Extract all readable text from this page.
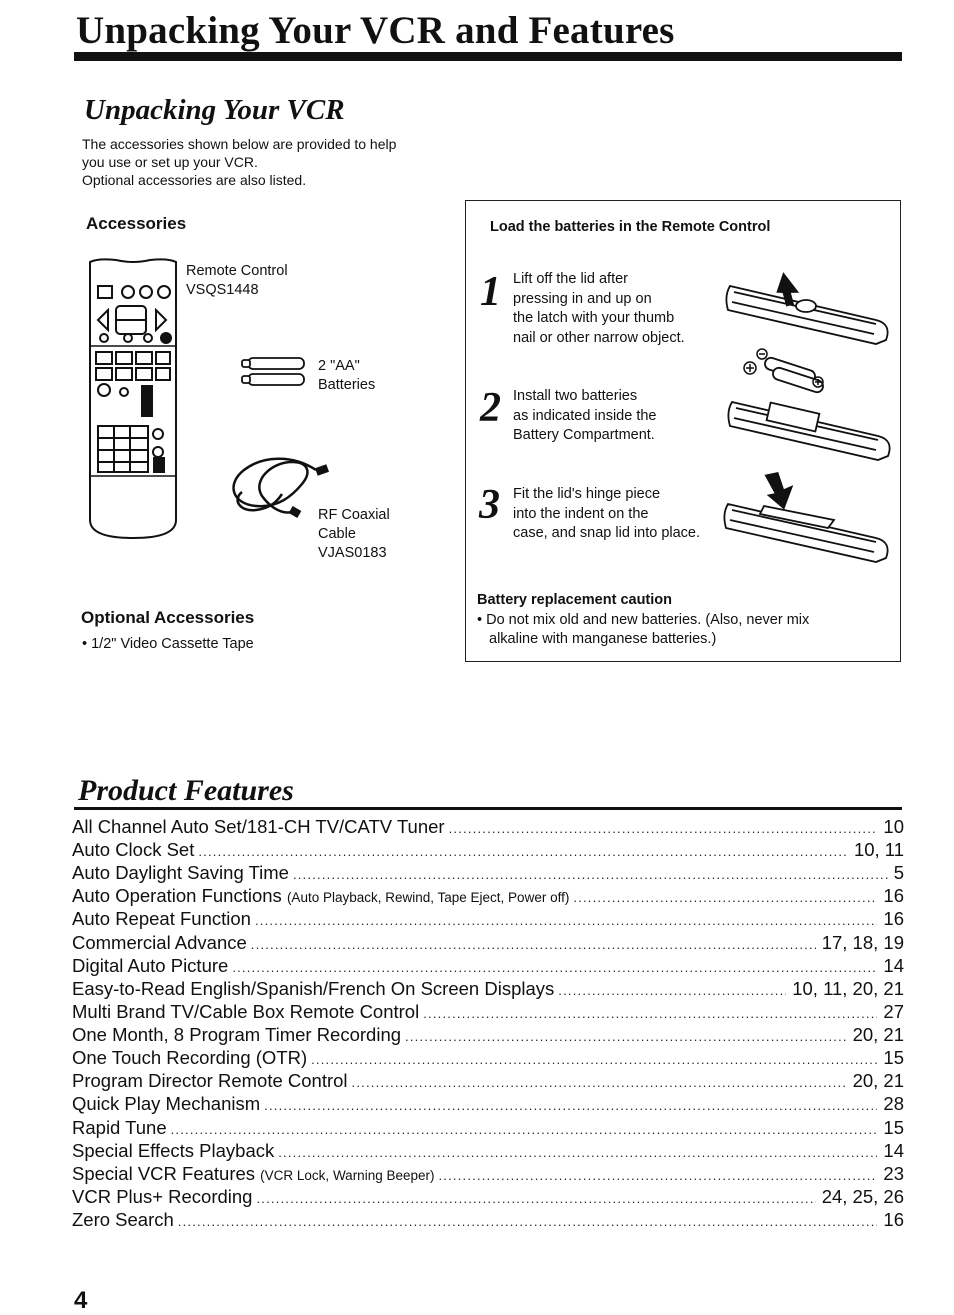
Unpacking Your VCR and Features
Unpacking Your VCR
The accessories shown below are provided to help
you use or set up your VCR.
Optional accessories are also listed.
Accessories
Remote Control
VSQS1448
2 "AA"
Batteries
RF Coaxial
Cable
VJAS0183
Optional Accessories
• 1/2" Video Cassette Tape
Load the batteries in the Remote Control
1 Lift off the lid after
pressing in and up on
the latch with your thumb
nail or other narrow object.
2 Install two batteries
as indicated inside the
Battery Compartment.
3 Fit the lid's hinge piece
into the indent on the
case, and snap lid into place.
Battery replacement caution
• Do not mix old and new batteries. (Also, never mix
alkaline with manganese batteries.)
Product Features
All Channel Auto Set/181-CH TV/CATV Tuner .....	10
Auto Clock Set .....	10, 11
Auto Daylight Saving Time .....	5
Auto Operation Functions (Auto Playback, Rewind, Tape Eject, Power off) .....	16
Auto Repeat Function .....	16
Commercial Advance .....	17, 18, 19
Digital Auto Picture .....	14
Easy-to-Read English/Spanish/French On Screen Displays .....	10, 11, 20, 21
Multi Brand TV/Cable Box Remote Control .....	27
One Month, 8 Program Timer Recording .....	20, 21
One Touch Recording (OTR) .....	15
Program Director Remote Control .....	20, 21
Quick Play Mechanism .....	28
Rapid Tune .....	15
Special Effects Playback .....	14
Special VCR Features (VCR Lock, Warning Beeper) .....	23
VCR Plus+ Recording .....	24, 25, 26
Zero Search .....	16
4
